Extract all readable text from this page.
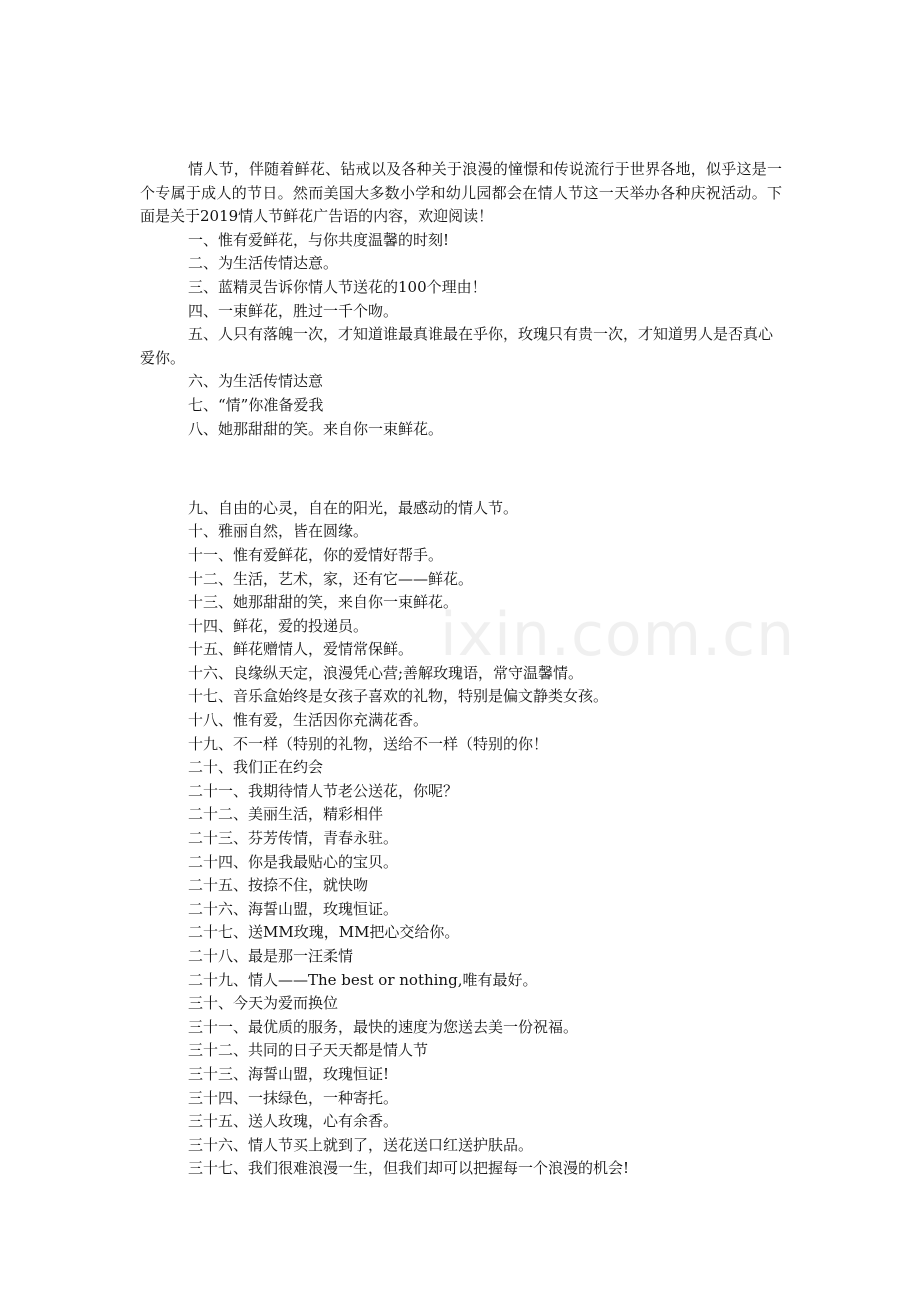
情人节，伴随着鲜花、钻戒以及各种关于浪漫的憧憬和传说流行于世界各地，似乎这是一个专属于成人的节日。然而美国大多数小学和幼儿园都会在情人节这一天举办各种庆祝活动。下面是关于2019情人节鲜花广告语的内容，欢迎阅读！

一、惟有爱鲜花，与你共度温馨的时刻!

二、为生活传情达意。

三、蓝精灵告诉你情人节送花的100个理由！

四、一束鲜花，胜过一千个吻。

五、人只有落魄一次，才知道谁最真谁最在乎你，玫瑰只有贵一次，才知道男人是否真心爱你。

六、为生活传情达意

七、“情”你准备爱我

八、她那甜甜的笑。来自你一束鲜花。

九、自由的心灵，自在的阳光，最感动的情人节。

十、雅丽自然，皆在圆缘。

十一、惟有爱鲜花，你的爱情好帮手。

十二、生活，艺术，家，还有它——鲜花。

十三、她那甜甜的笑，来自你一束鲜花。

十四、鲜花，爱的投递员。

十五、鲜花赠情人，爱情常保鲜。

十六、良缘纵天定，浪漫凭心营;善解玫瑰语，常守温馨情。

十七、音乐盒始终是女孩子喜欢的礼物，特别是偏文静类女孩。

十八、惟有爱，生活因你充满花香。

十九、不一样（特别的礼物，送给不一样（特别的你！

二十、我们正在约会

二十一、我期待情人节老公送花，你呢？

二十二、美丽生活，精彩相伴

二十三、芬芳传情，青春永驻。

二十四、你是我最贴心的宝贝。

二十五、按捺不住，就快吻

二十六、海誓山盟，玫瑰恒证。

二十七、送MM玫瑰，MM把心交给你。

二十八、最是那一汪柔情

二十九、情人——The best or nothing,唯有最好。

三十、今天为爱而换位

三十一、最优质的服务，最快的速度为您送去美一份祝福。

三十二、共同的日子天天都是情人节

三十三、海誓山盟，玫瑰恒证!

三十四、一抹绿色，一种寄托。

三十五、送人玫瑰，心有余香。

三十六、情人节买上就到了，送花送口红送护肤品。

三十七、我们很难浪漫一生，但我们却可以把握每一个浪漫的机会!

ixin.com.cn
